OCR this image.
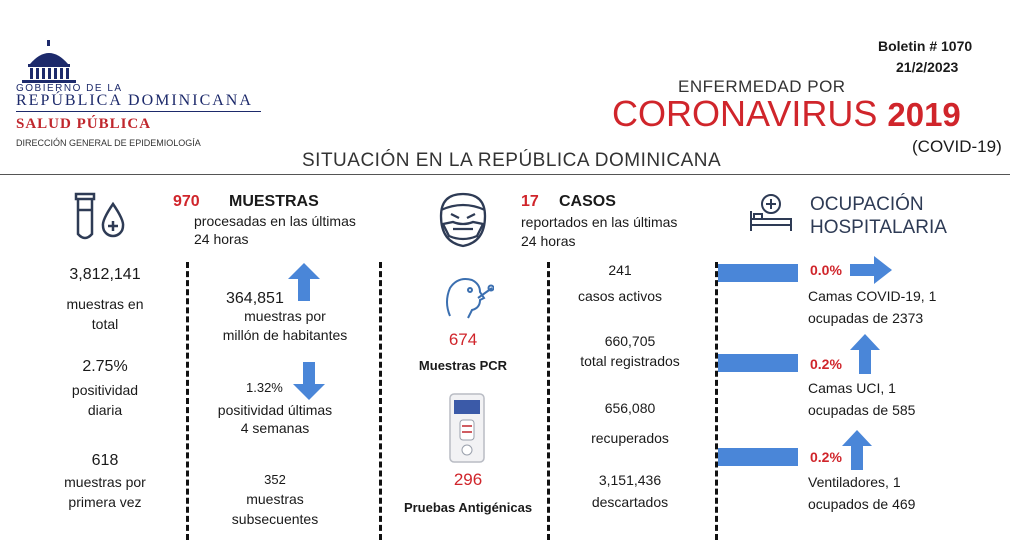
GOBIERNO DE LA
REPÚBLICA DOMINICANA
SALUD PÚBLICA
DIRECCIÓN GENERAL DE EPIDEMIOLOGÍA
Boletin # 1070
21/2/2023
ENFERMEDAD POR
CORONAVIRUS 2019
(COVID-19)
SITUACIÓN EN LA REPÚBLICA DOMINICANA
970 MUESTRAS
procesadas en las últimas
24 horas
3,812,141
muestras en
total
2.75%
positividad
diaria
618
muestras por
primera vez
364,851
muestras por
millón de habitantes
1.32%
positividad últimas
4 semanas
352
muestras
subsecuentes
17 CASOS
reportados en las últimas
24 horas
674
Muestras PCR
296
Pruebas Antigénicas
241
casos activos
660,705
total registrados
656,080
recuperados
3,151,436
descartados
OCUPACIÓN
HOSPITALARIA
0.0%
Camas COVID-19, 1
ocupadas de 2373
0.2%
Camas UCI, 1
ocupadas de 585
0.2%
Ventiladores, 1
ocupados de 469
